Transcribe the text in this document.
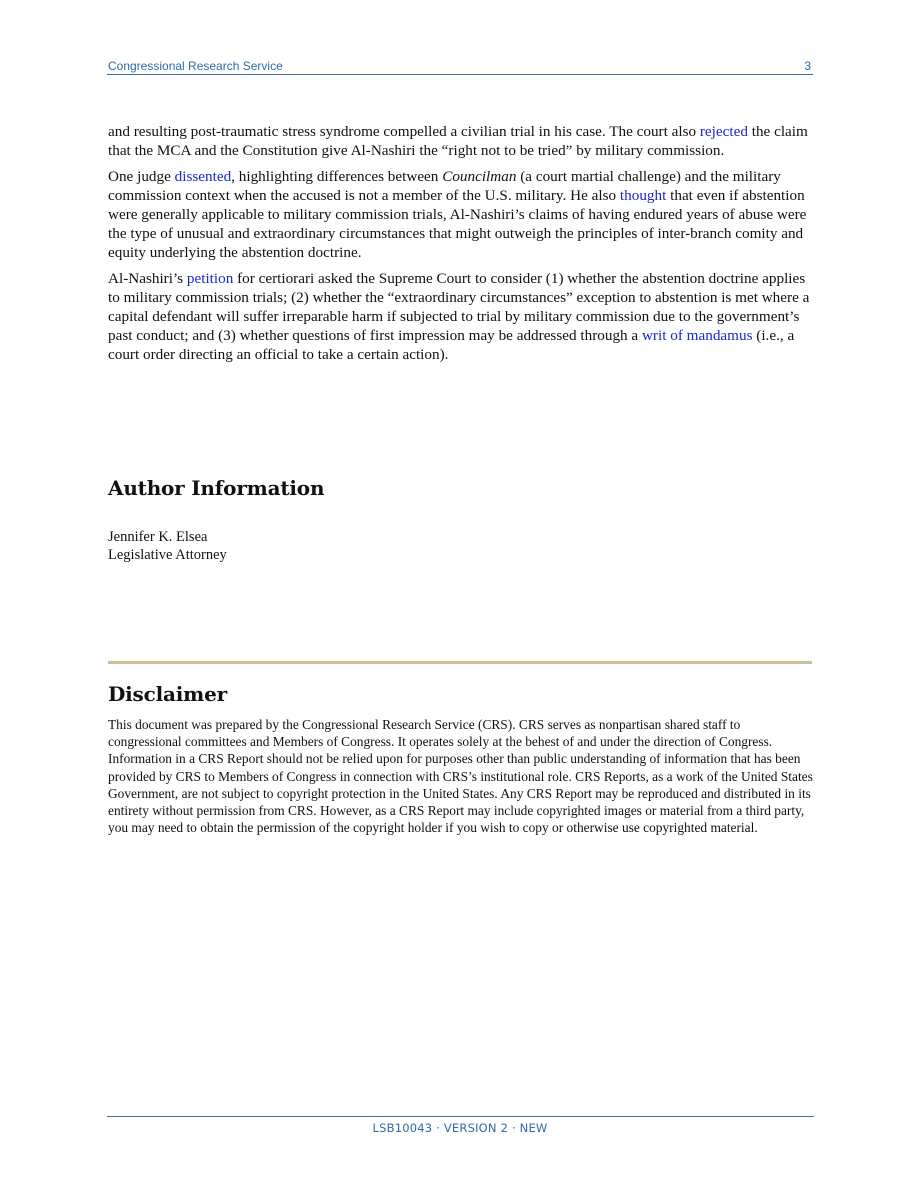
Congressional Research Service	3

and resulting post-traumatic stress syndrome compelled a civilian trial in his case. The court also rejected the claim that the MCA and the Constitution give Al-Nashiri the “right not to be tried” by military commission.

One judge dissented, highlighting differences between Councilman (a court martial challenge) and the military commission context when the accused is not a member of the U.S. military. He also thought that even if abstention were generally applicable to military commission trials, Al-Nashiri’s claims of having endured years of abuse were the type of unusual and extraordinary circumstances that might outweigh the principles of inter-branch comity and equity underlying the abstention doctrine.

Al-Nashiri’s petition for certiorari asked the Supreme Court to consider (1) whether the abstention doctrine applies to military commission trials; (2) whether the “extraordinary circumstances” exception to abstention is met where a capital defendant will suffer irreparable harm if subjected to trial by military commission due to the government’s past conduct; and (3) whether questions of first impression may be addressed through a writ of mandamus (i.e., a court order directing an official to take a certain action).

Author Information
Jennifer K. Elsea
Legislative Attorney
Disclaimer
This document was prepared by the Congressional Research Service (CRS). CRS serves as nonpartisan shared staff to congressional committees and Members of Congress. It operates solely at the behest of and under the direction of Congress. Information in a CRS Report should not be relied upon for purposes other than public understanding of information that has been provided by CRS to Members of Congress in connection with CRS’s institutional role. CRS Reports, as a work of the United States Government, are not subject to copyright protection in the United States. Any CRS Report may be reproduced and distributed in its entirety without permission from CRS. However, as a CRS Report may include copyrighted images or material from a third party, you may need to obtain the permission of the copyright holder if you wish to copy or otherwise use copyrighted material.
LSB10043 · VERSION 2 · NEW
